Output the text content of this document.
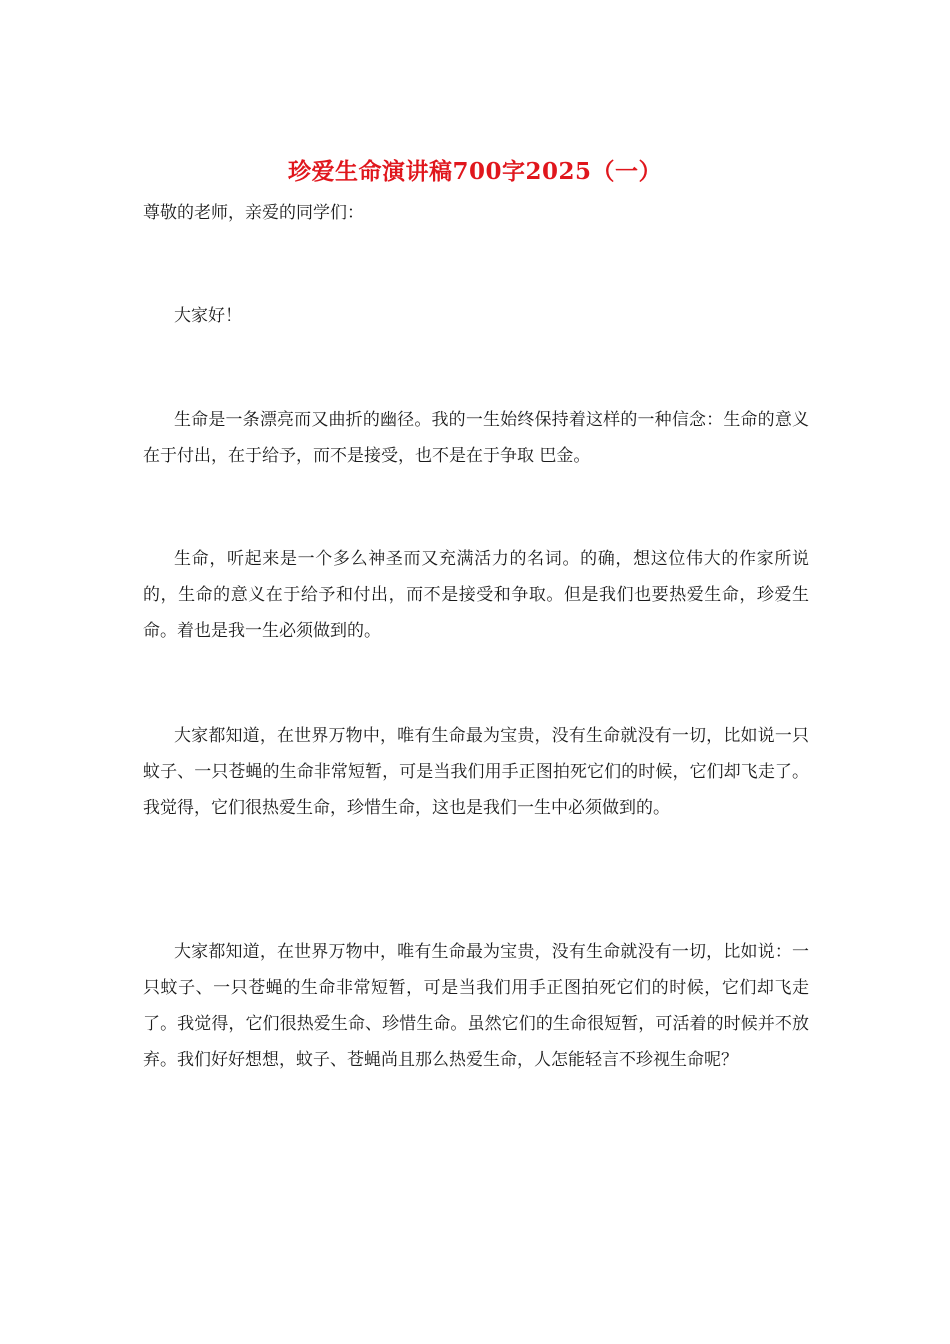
珍爱生命演讲稿700字2025（一）

尊敬的老师，亲爱的同学们：

大家好！

生命是一条漂亮而又曲折的幽径。我的一生始终保持着这样的一种信念：生命的意义在于付出，在于给予，而不是接受，也不是在于争取 巴金。

生命，听起来是一个多么神圣而又充满活力的名词。的确，想这位伟大的作家所说的，生命的意义在于给予和付出，而不是接受和争取。但是我们也要热爱生命，珍爱生命。着也是我一生必须做到的。

大家都知道，在世界万物中，唯有生命最为宝贵，没有生命就没有一切，比如说一只蚊子、一只苍蝇的生命非常短暂，可是当我们用手正图拍死它们的时候，它们却飞走了。我觉得，它们很热爱生命，珍惜生命，这也是我们一生中必须做到的。

大家都知道，在世界万物中，唯有生命最为宝贵，没有生命就没有一切，比如说：一只蚊子、一只苍蝇的生命非常短暂，可是当我们用手正图拍死它们的时候，它们却飞走了。我觉得，它们很热爱生命、珍惜生命。虽然它们的生命很短暂，可活着的时候并不放弃。我们好好想想，蚊子、苍蝇尚且那么热爱生命，人怎能轻言不珍视生命呢？
